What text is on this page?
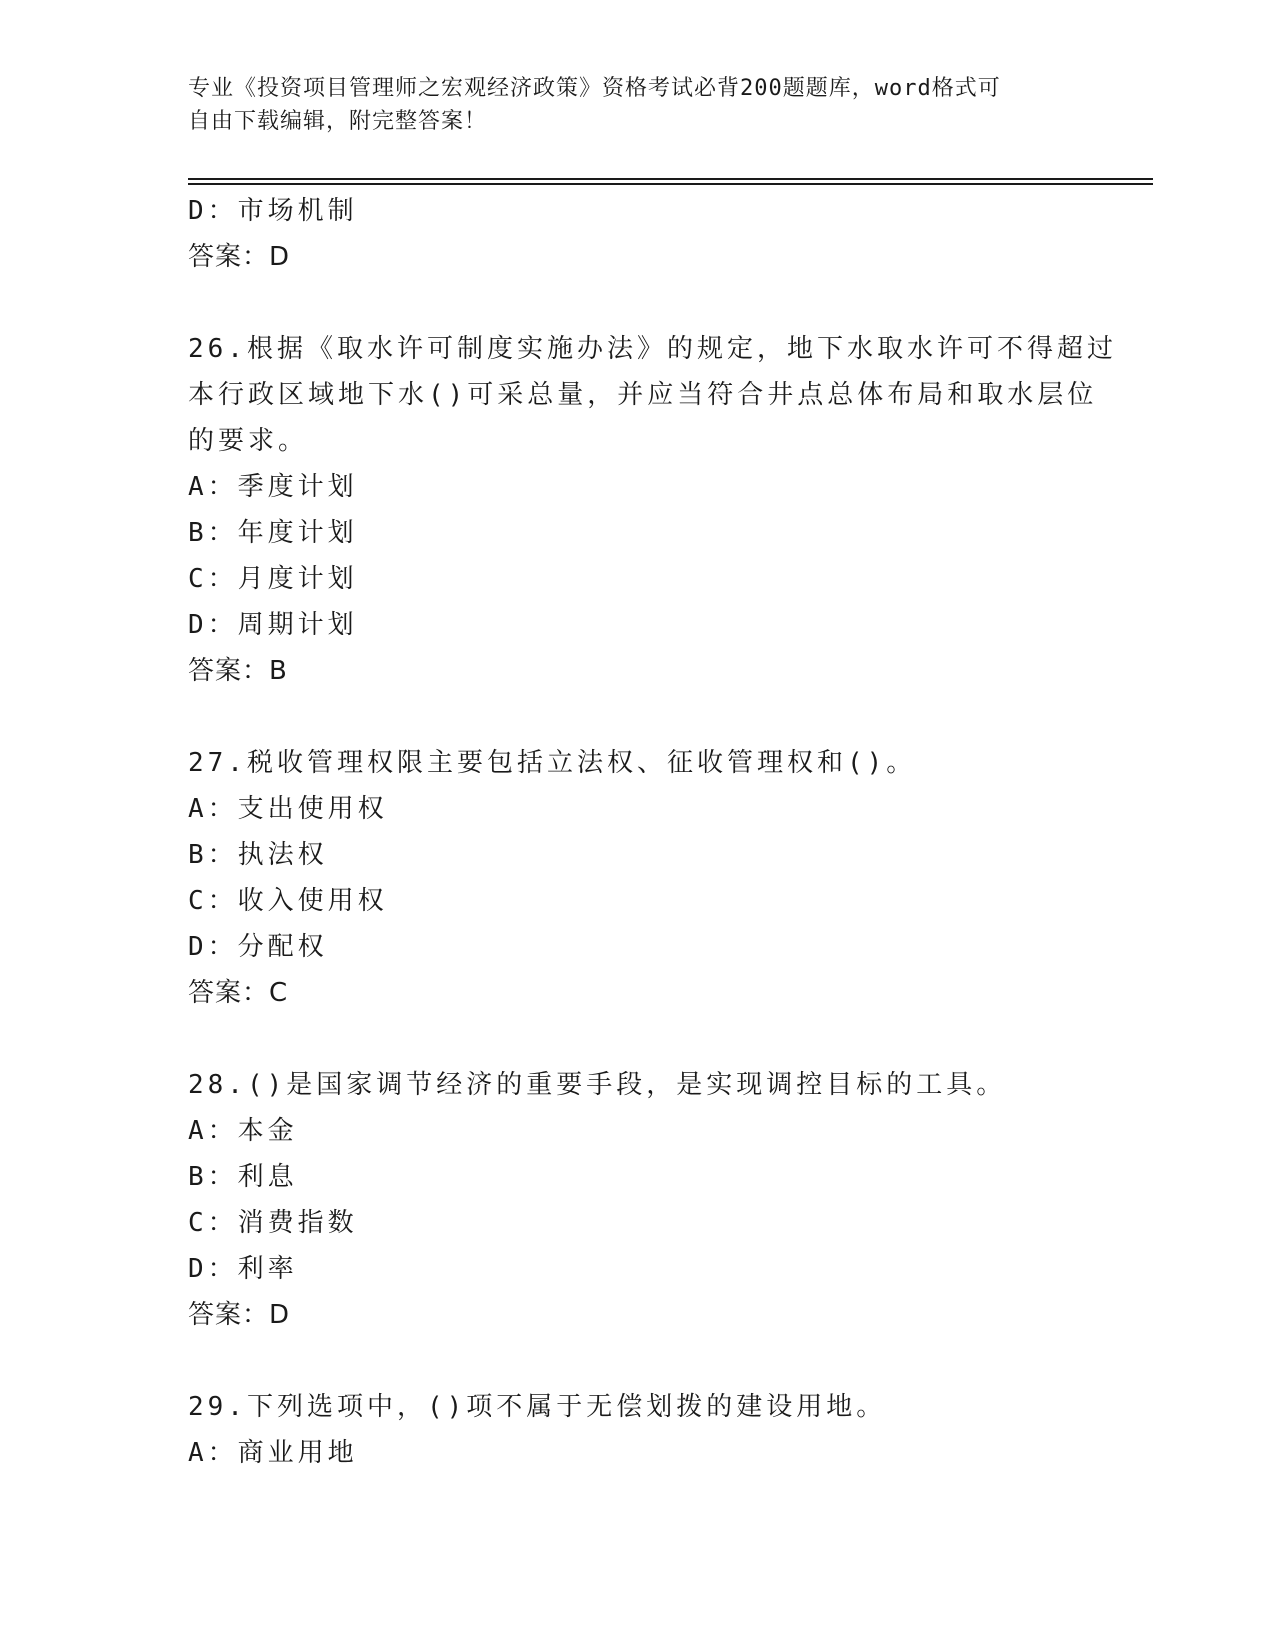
专业《投资项目管理师之宏观经济政策》资格考试必背200题题库，word格式可
自由下载编辑，附完整答案！
D：市场机制
答案：D
26.根据《取水许可制度实施办法》的规定，地下水取水许可不得超过
本行政区域地下水()可采总量，并应当符合井点总体布局和取水层位
的要求。
A：季度计划
B：年度计划
C：月度计划
D：周期计划
答案：B
27.税收管理权限主要包括立法权、征收管理权和()。
A：支出使用权
B：执法权
C：收入使用权
D：分配权
答案：C
28.()是国家调节经济的重要手段，是实现调控目标的工具。
A：本金
B：利息
C：消费指数
D：利率
答案：D
29.下列选项中，()项不属于无偿划拨的建设用地。
A：商业用地
